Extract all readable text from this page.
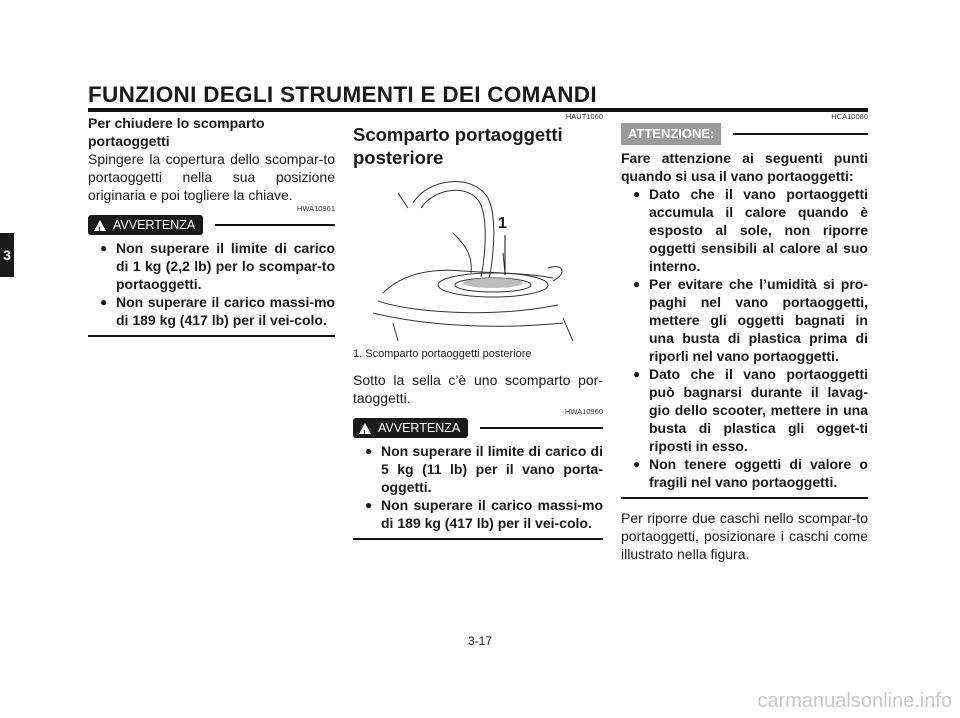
FUNZIONI DEGLI STRUMENTI E DEI COMANDI
3

Per chiudere lo scomparto portaoggetti

Spingere la copertura dello scompar-to portaoggetti nella sua posizione originaria e poi togliere la chiave.

HWA10961
!
AVVERTENZA
● Non superare il limite di carico di 1 kg (2,2 lb) per lo scompar-to portaoggetti.
● Non superare il carico massi-mo di 189 kg (417 lb) per il vei-colo.
HAUT1060

Scomparto portaoggetti posteriore

1

1. Scomparto portaoggetti posteriore

Sotto la sella c’è uno scomparto por-taoggetti.

HWA10960
!
AVVERTENZA
● Non superare il limite di carico di 5 kg (11 lb) per il vano porta-oggetti.
● Non superare il carico massi-mo di 189 kg (417 lb) per il vei-colo.
HCA10080
ATTENZIONE:

Fare attenzione ai seguenti punti quando si usa il vano portaoggetti:

● Dato che il vano portaoggetti accumula il calore quando è esposto al sole, non riporre oggetti sensibili al calore al suo interno.
● Per evitare che l’umidità si pro-paghi nel vano portaoggetti, mettere gli oggetti bagnati in una busta di plastica prima di riporli nel vano portaoggetti.
● Dato che il vano portaoggetti può bagnarsi durante il lavag-gio dello scooter, mettere in una busta di plastica gli ogget-ti riposti in esso.
● Non tenere oggetti di valore o fragili nel vano portaoggetti.

Per riporre due caschi nello scompar-to portaoggetti, posizionare i caschi come illustrato nella figura.

3-17
carmanualsonline.info
